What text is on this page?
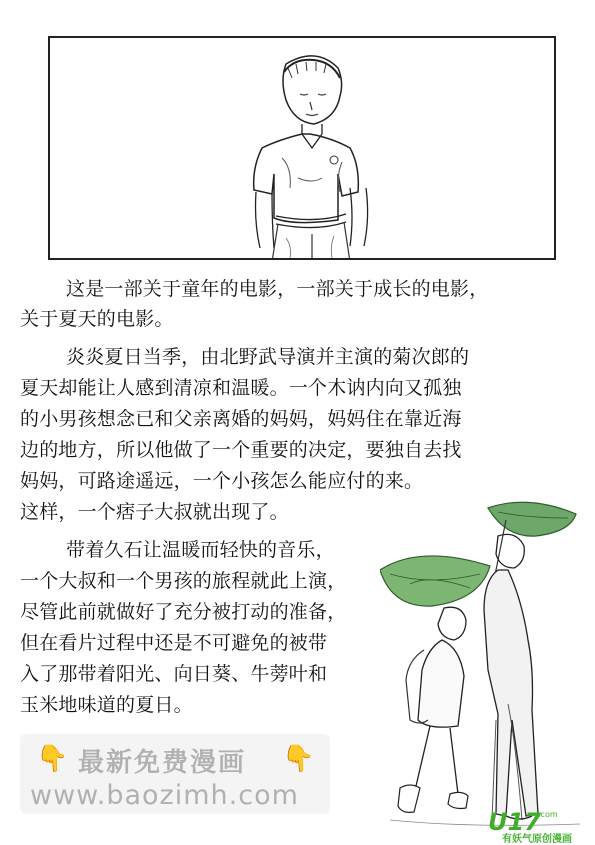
这是一部关于童年的电影，一部关于成长的电影，
关于夏天的电影。
炎炎夏日当季，由北野武导演并主演的菊次郎的
夏天却能让人感到清凉和温暖。一个木讷内向又孤独
的小男孩想念已和父亲离婚的妈妈，妈妈住在靠近海
边的地方，所以他做了一个重要的决定，要独自去找
妈妈，可路途遥远，一个小孩怎么能应付的来。
这样，一个痞子大叔就出现了。
带着久石让温暖而轻快的音乐，
一个大叔和一个男孩的旅程就此上演，
尽管此前就做好了充分被打动的准备，
但在看片过程中还是不可避免的被带
入了那带着阳光、向日葵、牛蒡叶和
玉米地味道的夏日。
👇 最新免费漫画 👇
www.baozimh.com
U17
.com
有妖气原创漫画
